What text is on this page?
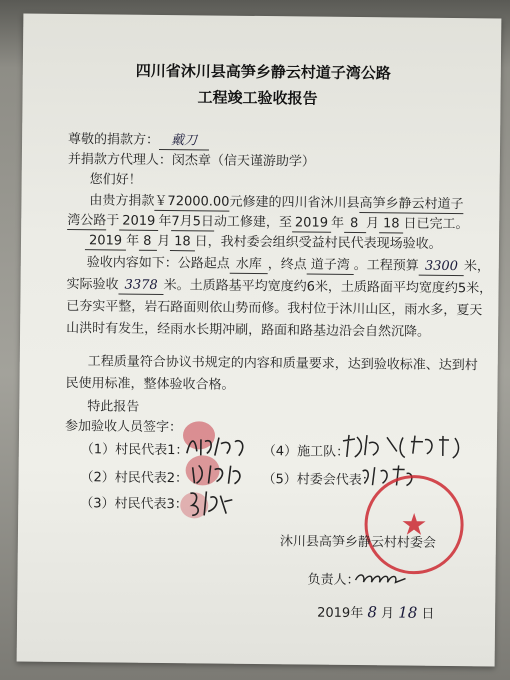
四川省沐川县高笋乡静云村道子湾公路
工程竣工验收报告
尊敬的捐款方： 戴刀
并捐款方代理人：闵杰章（信天谨游助学）
您们好！
由贵方捐款￥72000.00元修建的四川省沐川县高笋乡静云村道子
湾公路于 2019 年7月5日动工修建，至 2019 年 8 月 18 日已完工。
2019 年 8 月 18 日，我村委会组织受益村民代表现场验收。
验收内容如下：公路起点 水库 ，终点 道子湾 。工程预算 3300 米，
实际验收 3378 米。土质路基平均宽度约6米，土质路面平均宽度约5米，
已夯实平整，岩石路面则依山势而修。我村位于沐川山区，雨水多，夏天
山洪时有发生，经雨水长期冲刷，路面和路基边沿会自然沉降。
工程质量符合协议书规定的内容和质量要求，达到验收标准、达到村
民使用标准，整体验收合格。
特此报告
参加验收人员签字：
（1）村民代表1：
（2）村民代表2：
（3）村民代表3：
（4）施工队：
（5）村委会代表：
★
沐川县高笋乡静云村村委会
负责人：
2019年 8 月 18 日
